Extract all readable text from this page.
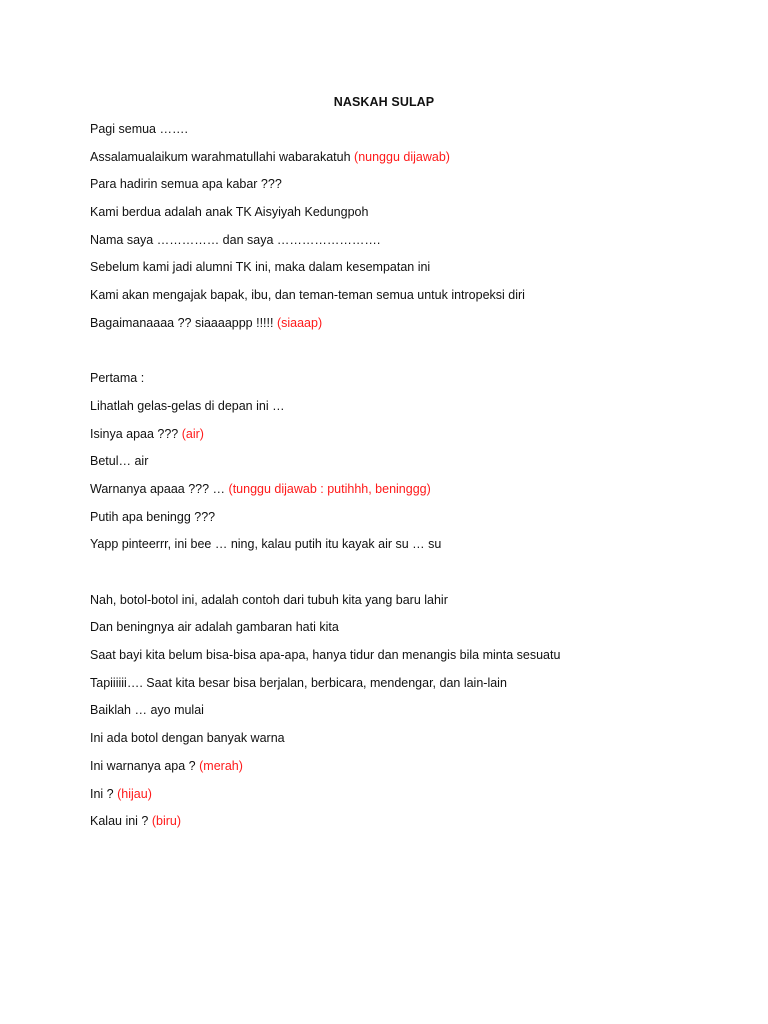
NASKAH SULAP
Pagi semua …….
Assalamualaikum warahmatullahi wabarakatuh (nunggu dijawab)
Para hadirin semua apa kabar ???
Kami berdua adalah anak TK Aisyiyah Kedungpoh
Nama saya …………… dan saya …………………….
Sebelum kami jadi alumni TK ini, maka dalam kesempatan ini
Kami akan mengajak bapak, ibu, dan teman-teman semua untuk intropeksi diri
Bagaimanaaaa ?? siaaaappp !!!!! (siaaap)
Pertama :
Lihatlah gelas-gelas di depan ini …
Isinya apaa ??? (air)
Betul… air
Warnanya apaaa ??? … (tunggu dijawab : putihhh, beninggg)
Putih apa beningg ???
Yapp pinteerrr, ini bee … ning, kalau putih itu kayak air su … su
Nah, botol-botol ini, adalah contoh dari tubuh kita yang baru lahir
Dan beningnya air adalah gambaran hati kita
Saat bayi kita belum bisa-bisa apa-apa, hanya tidur dan menangis bila minta sesuatu
Tapiiiiii…. Saat kita besar bisa berjalan, berbicara, mendengar, dan lain-lain
Baiklah … ayo mulai
Ini ada botol dengan banyak warna
Ini warnanya apa ? (merah)
Ini ? (hijau)
Kalau ini ? (biru)
